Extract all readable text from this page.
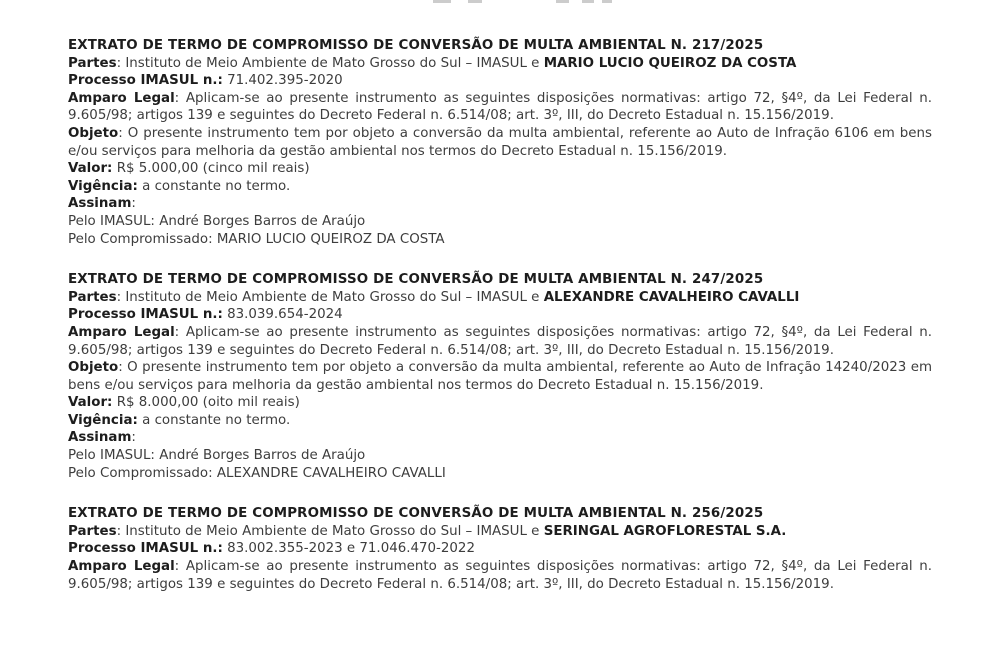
EXTRATO DE TERMO DE COMPROMISSO DE CONVERSÃO DE MULTA AMBIENTAL N. 217/2025

Partes: Instituto de Meio Ambiente de Mato Grosso do Sul – IMASUL e MARIO LUCIO QUEIROZ DA COSTA

Processo IMASUL n.: 71.402.395-2020

Amparo Legal: Aplicam-se ao presente instrumento as seguintes disposições normativas: artigo 72, §4º, da Lei Federal n. 9.605/98; artigos 139 e seguintes do Decreto Federal n. 6.514/08; art. 3º, III, do Decreto Estadual n. 15.156/2019.

Objeto: O presente instrumento tem por objeto a conversão da multa ambiental, referente ao Auto de Infração 6106 em bens e/ou serviços para melhoria da gestão ambiental nos termos do Decreto Estadual n. 15.156/2019.

Valor: R$ 5.000,00 (cinco mil reais)

Vigência: a constante no termo.

Assinam:

Pelo IMASUL: André Borges Barros de Araújo

Pelo Compromissado: MARIO LUCIO QUEIROZ DA COSTA

EXTRATO DE TERMO DE COMPROMISSO DE CONVERSÃO DE MULTA AMBIENTAL N. 247/2025

Partes: Instituto de Meio Ambiente de Mato Grosso do Sul – IMASUL e ALEXANDRE CAVALHEIRO CAVALLI

Processo IMASUL n.: 83.039.654-2024

Amparo Legal: Aplicam-se ao presente instrumento as seguintes disposições normativas: artigo 72, §4º, da Lei Federal n. 9.605/98; artigos 139 e seguintes do Decreto Federal n. 6.514/08; art. 3º, III, do Decreto Estadual n. 15.156/2019.

Objeto: O presente instrumento tem por objeto a conversão da multa ambiental, referente ao Auto de Infração 14240/2023 em bens e/ou serviços para melhoria da gestão ambiental nos termos do Decreto Estadual n. 15.156/2019.

Valor: R$ 8.000,00 (oito mil reais)

Vigência: a constante no termo.

Assinam:

Pelo IMASUL: André Borges Barros de Araújo

Pelo Compromissado: ALEXANDRE CAVALHEIRO CAVALLI

EXTRATO DE TERMO DE COMPROMISSO DE CONVERSÃO DE MULTA AMBIENTAL N. 256/2025

Partes: Instituto de Meio Ambiente de Mato Grosso do Sul – IMASUL e SERINGAL AGROFLORESTAL S.A.

Processo IMASUL n.: 83.002.355-2023 e 71.046.470-2022

Amparo Legal: Aplicam-se ao presente instrumento as seguintes disposições normativas: artigo 72, §4º, da Lei Federal n. 9.605/98; artigos 139 e seguintes do Decreto Federal n. 6.514/08; art. 3º, III, do Decreto Estadual n. 15.156/2019.
